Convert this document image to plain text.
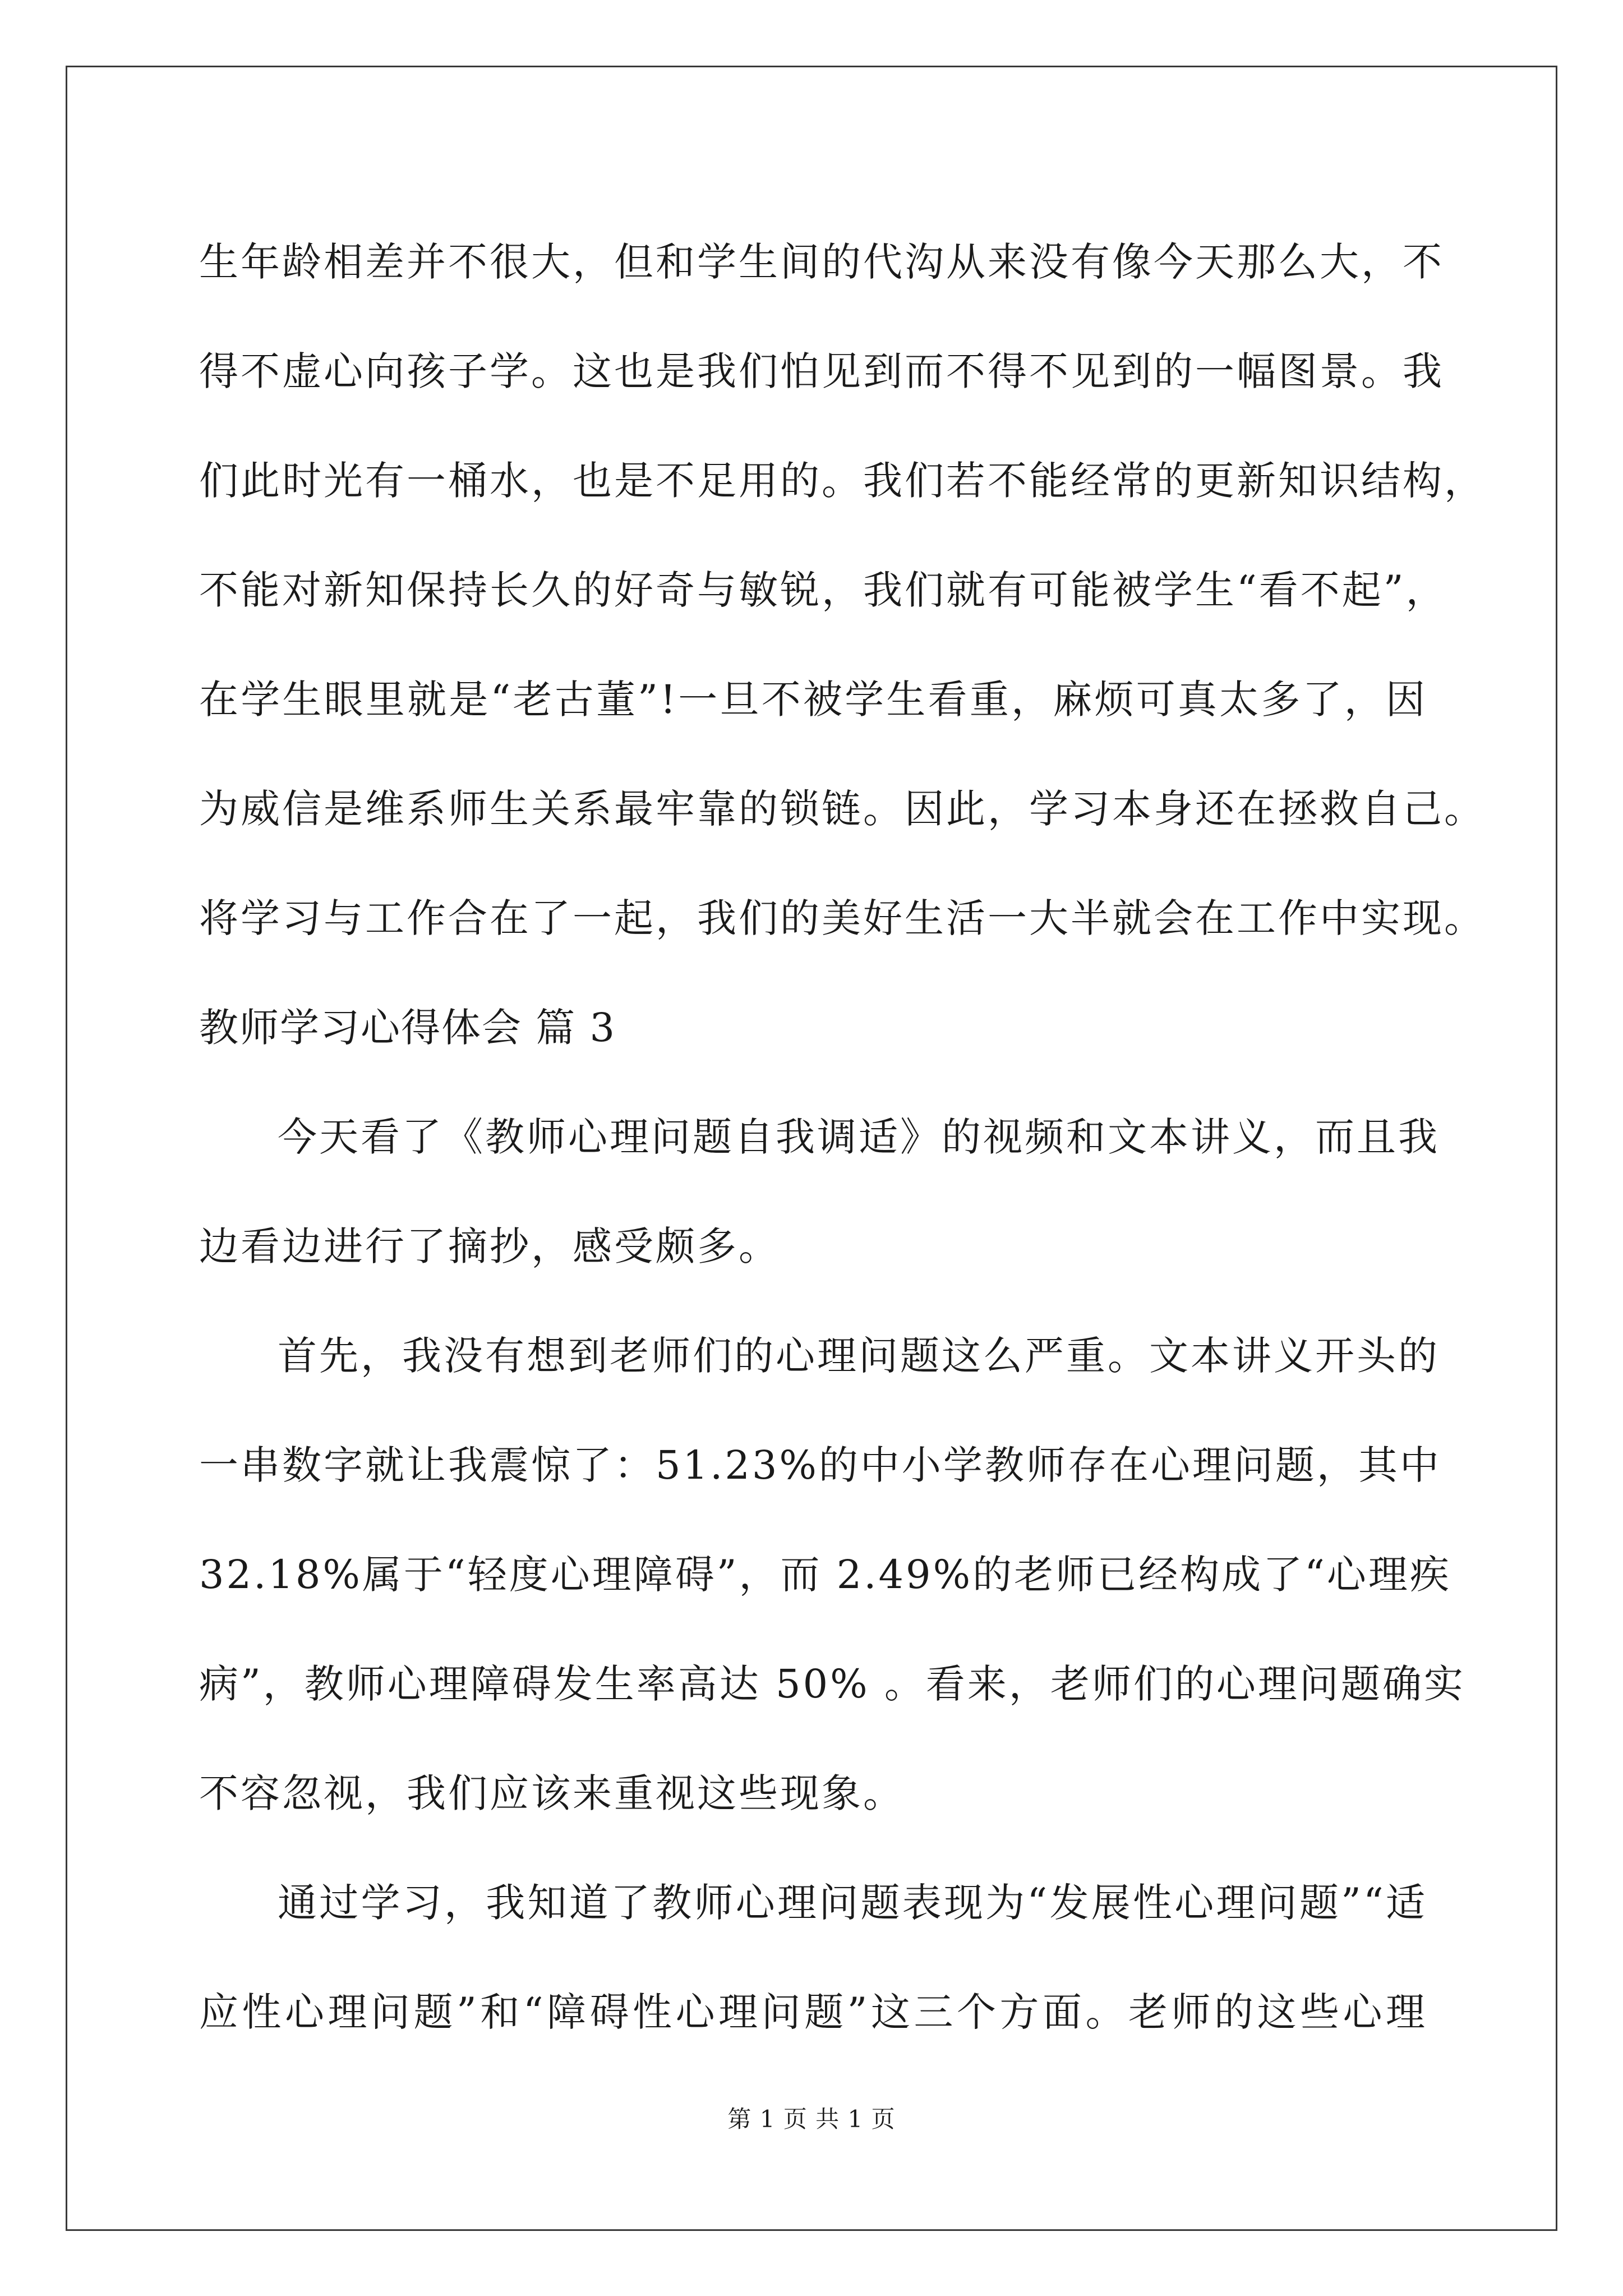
生年龄相差并不很大，但和学生间的代沟从来没有像今天那么大，不
得不虚心向孩子学。这也是我们怕见到而不得不见到的一幅图景。我
们此时光有一桶水，也是不足用的。我们若不能经常的更新知识结构，
不能对新知保持长久的好奇与敏锐，我们就有可能被学生“看不起”，
在学生眼里就是“老古董”!一旦不被学生看重，麻烦可真太多了，因
为威信是维系师生关系最牢靠的锁链。因此，学习本身还在拯救自己。
将学习与工作合在了一起，我们的美好生活一大半就会在工作中实现。
教师学习心得体会 篇 3
今天看了《教师心理问题自我调适》的视频和文本讲义，而且我
边看边进行了摘抄，感受颇多。
首先，我没有想到老师们的心理问题这么严重。文本讲义开头的
一串数字就让我震惊了：51.23%的中小学教师存在心理问题，其中
32.18%属于“轻度心理障碍”，而 2.49%的老师已经构成了“心理疾
病”，教师心理障碍发生率高达 50% 。看来，老师们的心理问题确实
不容忽视，我们应该来重视这些现象。
通过学习，我知道了教师心理问题表现为“发展性心理问题”“适
应性心理问题”和“障碍性心理问题”这三个方面。老师的这些心理
第 1 页 共 1 页
